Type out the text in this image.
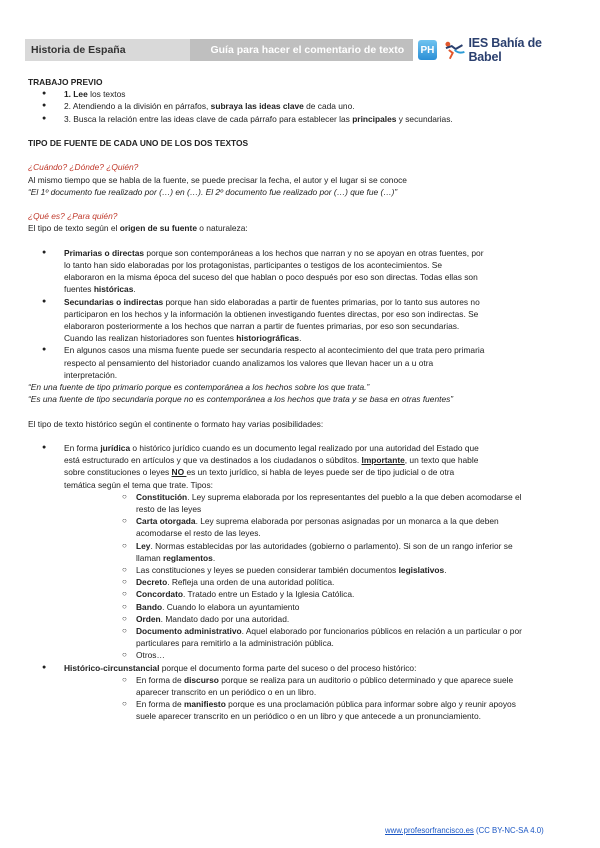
Historia de España	Guía para hacer el comentario de texto	PH	IES Bahía de Babel

TRABAJO PREVIO

● 1. Lee los textos
● 2. Atendiendo a la división en párrafos, subraya las ideas clave de cada uno.
● 3. Busca la relación entre las ideas clave de cada párrafo para establecer las principales y secundarias.

TIPO DE FUENTE DE CADA UNO DE LOS DOS TEXTOS

¿Cuándo? ¿Dónde? ¿Quién?

Al mismo tiempo que se habla de la fuente, se puede precisar la fecha, el autor y el lugar si se conoce

“El 1º documento fue realizado por (…) en (…). El 2º documento fue realizado por (…) que fue (…)”

¿Qué es? ¿Para quién?

El tipo de texto según el origen de su fuente o naturaleza:

● Primarias o directas porque son contemporáneas a los hechos que narran y no se apoyan en otras fuentes, por
lo tanto han sido elaboradas por los protagonistas, participantes o testigos de los acontecimientos. Se
elaboraron en la misma época del suceso del que hablan o poco después por eso son directas. Todas ellas son
fuentes históricas.
● Secundarias o indirectas porque han sido elaboradas a partir de fuentes primarias, por lo tanto sus autores no
participaron en los hechos y la información la obtienen investigando fuentes directas, por eso son indirectas. Se
elaboraron posteriormente a los hechos que narran a partir de fuentes primarias, por eso son secundarias.
Cuando las realizan historiadores son fuentes historiográficas.
● En algunos casos una misma fuente puede ser secundaria respecto al acontecimiento del que trata pero primaria
respecto al pensamiento del historiador cuando analizamos los valores que llevan hacer un a u otra
interpretación.

“En una fuente de tipo primario porque es contemporánea a los hechos sobre los que trata.”

“Es una fuente de tipo secundaria porque no es contemporánea a los hechos que trata y se basa en otras fuentes”

El tipo de texto histórico según el continente o formato hay varias posibilidades:

● En forma jurídica o histórico jurídico cuando es un documento legal realizado por una autoridad del Estado que
está estructurado en artículos y que va destinados a los ciudadanos o súbditos. Importante, un texto que hable
sobre constituciones o leyes NO es un texto jurídico, si habla de leyes puede ser de tipo judicial o de otra
temática según el tema que trate. Tipos:
○ Constitución. Ley suprema elaborada por los representantes del pueblo a la que deben acomodarse el
resto de las leyes
○ Carta otorgada. Ley suprema elaborada por personas asignadas por un monarca a la que deben
acomodarse el resto de las leyes.
○ Ley. Normas establecidas por las autoridades (gobierno o parlamento). Si son de un rango inferior se
llaman reglamentos.
○ Las constituciones y leyes se pueden considerar también documentos legislativos.
○ Decreto. Refleja una orden de una autoridad política.
○ Concordato. Tratado entre un Estado y la Iglesia Católica.
○ Bando. Cuando lo elabora un ayuntamiento
○ Orden. Mandato dado por una autoridad.
○ Documento administrativo. Aquel elaborado por funcionarios públicos en relación a un particular o por
particulares para remitirlo a la administración pública.
○ Otros…
● Histórico-circunstancial porque el documento forma parte del suceso o del proceso histórico:
○ En forma de discurso porque se realiza para un auditorio o público determinado y que aparece suele
aparecer transcrito en un periódico o en un libro.
○ En forma de manifiesto porque es una proclamación pública para informar sobre algo y reunir apoyos
suele aparecer transcrito en un periódico o en un libro y que antecede a un pronunciamiento.
www.profesorfrancisco.es (CC BY-NC-SA 4.0)
